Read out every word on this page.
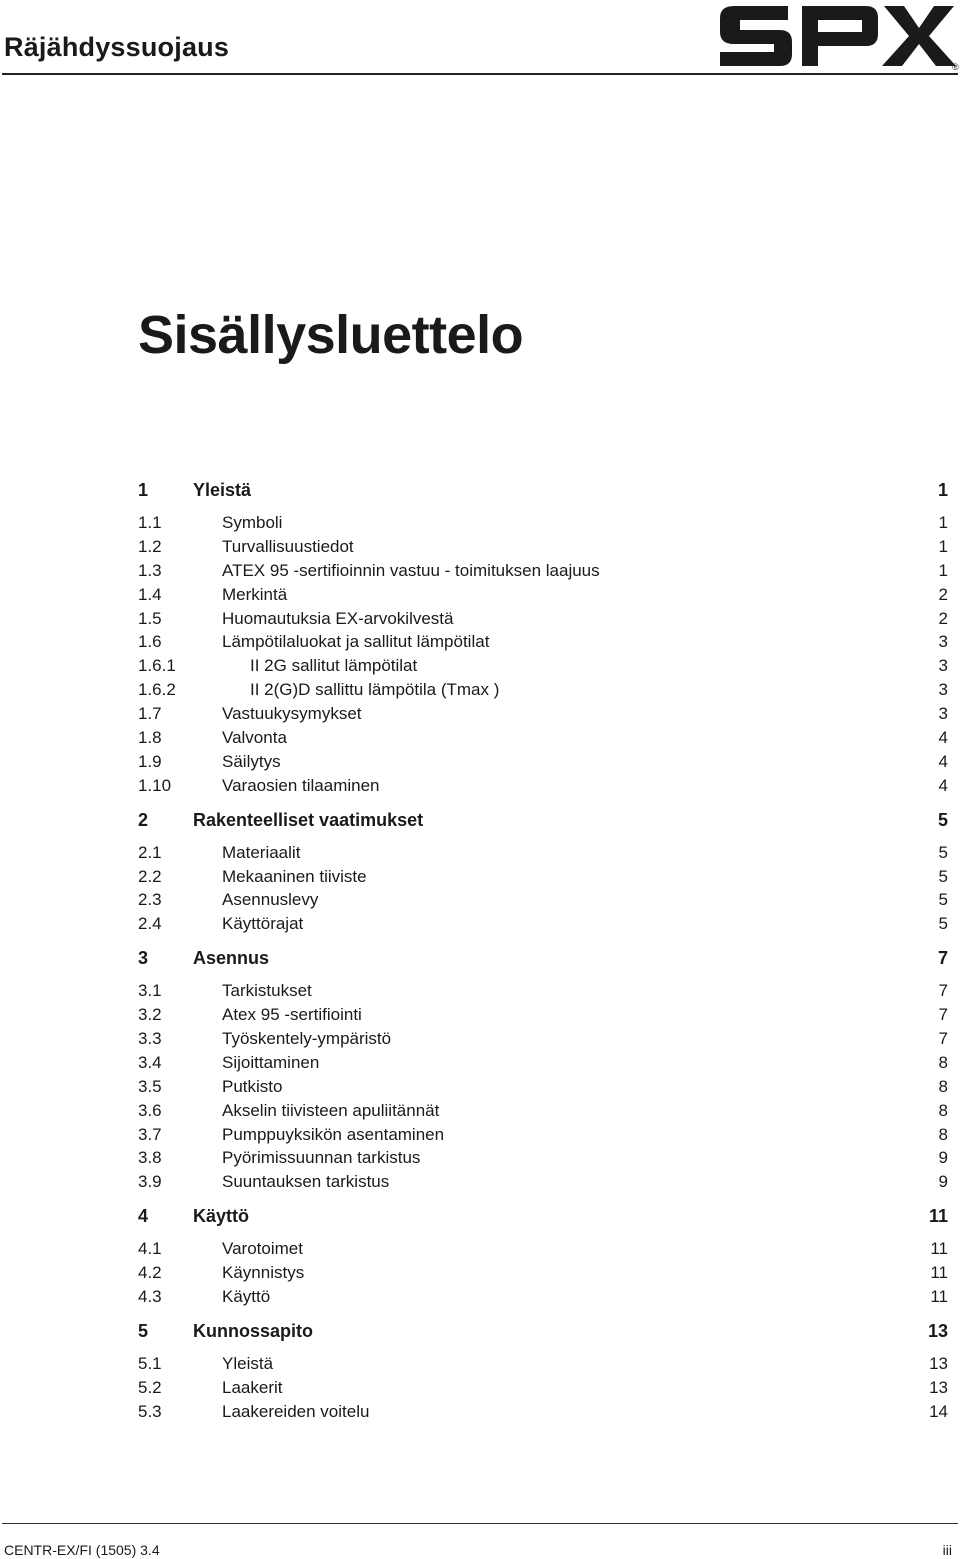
Räjähdyssuojaus
®
Sisällysluettelo
1	Yleistä	1
1.1	Symboli	1
1.2	Turvallisuustiedot	1
1.3	ATEX 95 -sertifioinnin vastuu - toimituksen laajuus	1
1.4	Merkintä	2
1.5	Huomautuksia EX-arvokilvestä	2
1.6	Lämpötilaluokat ja sallitut lämpötilat	3
1.6.1	II 2G sallitut lämpötilat	3
1.6.2	II 2(G)D sallittu lämpötila (Tmax )	3
1.7	Vastuukysymykset	3
1.8	Valvonta	4
1.9	Säilytys	4
1.10	Varaosien tilaaminen	4
2	Rakenteelliset vaatimukset	5
2.1	Materiaalit	5
2.2	Mekaaninen tiiviste	5
2.3	Asennuslevy	5
2.4	Käyttörajat	5
3	Asennus	7
3.1	Tarkistukset	7
3.2	Atex 95 -sertifiointi	7
3.3	Työskentely-ympäristö	7
3.4	Sijoittaminen	8
3.5	Putkisto	8
3.6	Akselin tiivisteen apuliitännät	8
3.7	Pumppuyksikön asentaminen	8
3.8	Pyörimissuunnan tarkistus	9
3.9	Suuntauksen tarkistus	9
4	Käyttö	11
4.1	Varotoimet	11
4.2	Käynnistys	11
4.3	Käyttö	11
5	Kunnossapito	13
5.1	Yleistä	13
5.2	Laakerit	13
5.3	Laakereiden voitelu	14
CENTR-EX/FI (1505) 3.4	iii
